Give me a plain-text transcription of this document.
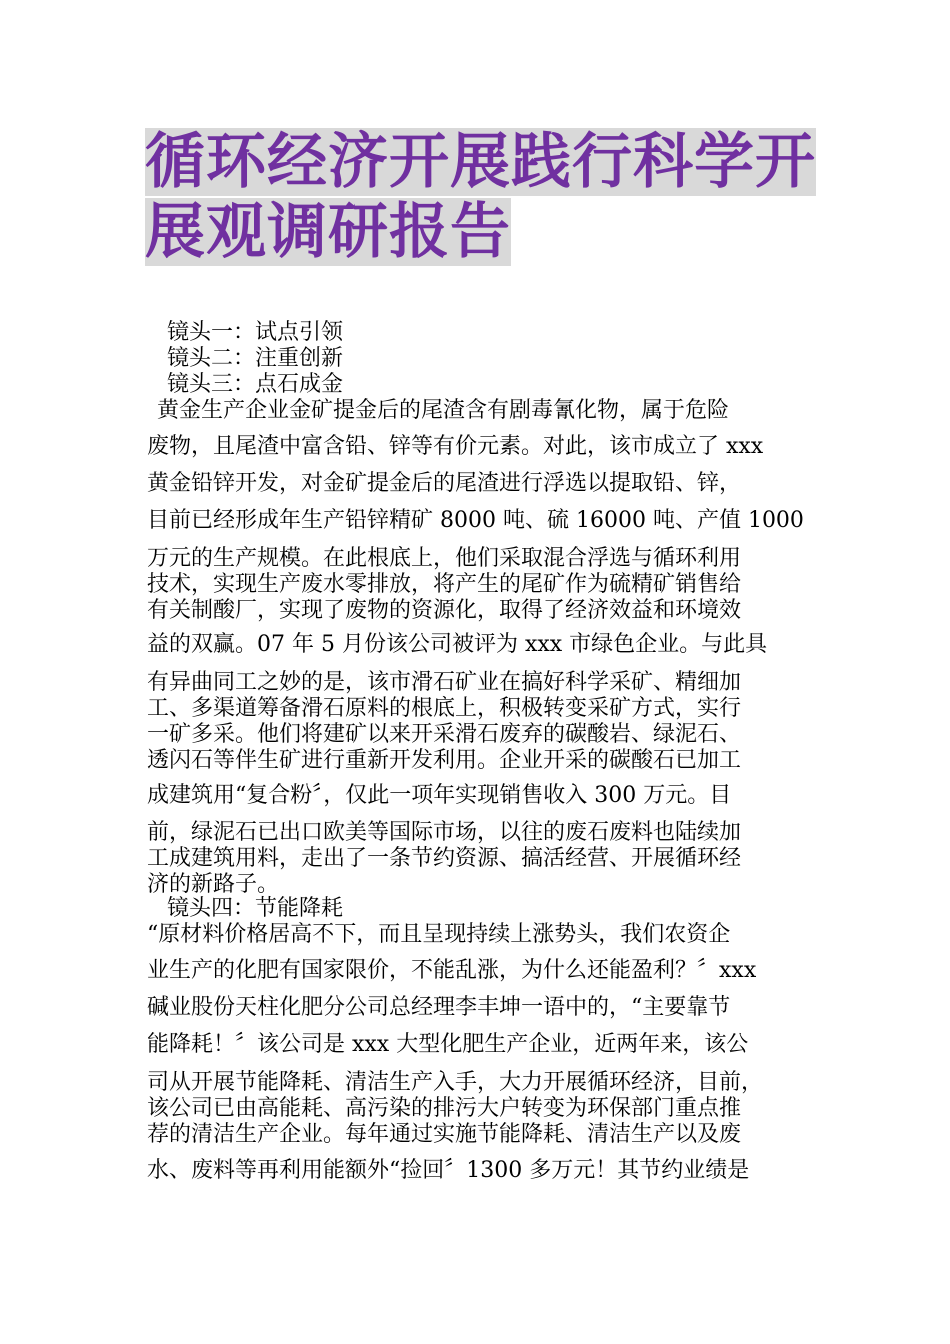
循环经济开展践行科学开
展观调研报告
镜头一：试点引领
镜头二：注重创新
镜头三：点石成金
黄金生产企业金矿提金后的尾渣含有剧毒氰化物，属于危险
废物，且尾渣中富含铅、锌等有价元素。对此，该市成立了 xxx
黄金铅锌开发，对金矿提金后的尾渣进行浮选以提取铅、锌，
目前已经形成年生产铅锌精矿 8000 吨、硫 16000 吨、产值 1000
万元的生产规模。在此根底上，他们采取混合浮选与循环利用
技术，实现生产废水零排放，将产生的尾矿作为硫精矿销售给
有关制酸厂，实现了废物的资源化，取得了经济效益和环境效
益的双赢。07 年 5 月份该公司被评为 xxx 市绿色企业。与此具
有异曲同工之妙的是，该市滑石矿业在搞好科学采矿、精细加
工、多渠道筹备滑石原料的根底上，积极转变采矿方式，实行
一矿多采。他们将建矿以来开采滑石废弃的碳酸岩、绿泥石、
透闪石等伴生矿进行重新开发利用。企业开采的碳酸石已加工
成建筑用“复合粉〞，仅此一项年实现销售收入 300 万元。目
前，绿泥石已出口欧美等国际市场，以往的废石废料也陆续加
工成建筑用料，走出了一条节约资源、搞活经营、开展循环经
济的新路子。
镜头四：节能降耗
“原材料价格居高不下，而且呈现持续上涨势头，我们农资企
业生产的化肥有国家限价，不能乱涨，为什么还能盈利？〞xxx
碱业股份天柱化肥分公司总经理李丰坤一语中的，“主要靠节
能降耗！〞该公司是 xxx 大型化肥生产企业，近两年来，该公
司从开展节能降耗、清洁生产入手，大力开展循环经济，目前，
该公司已由高能耗、高污染的排污大户转变为环保部门重点推
荐的清洁生产企业。每年通过实施节能降耗、清洁生产以及废
水、废料等再利用能额外“捡回〞1300 多万元！其节约业绩是
